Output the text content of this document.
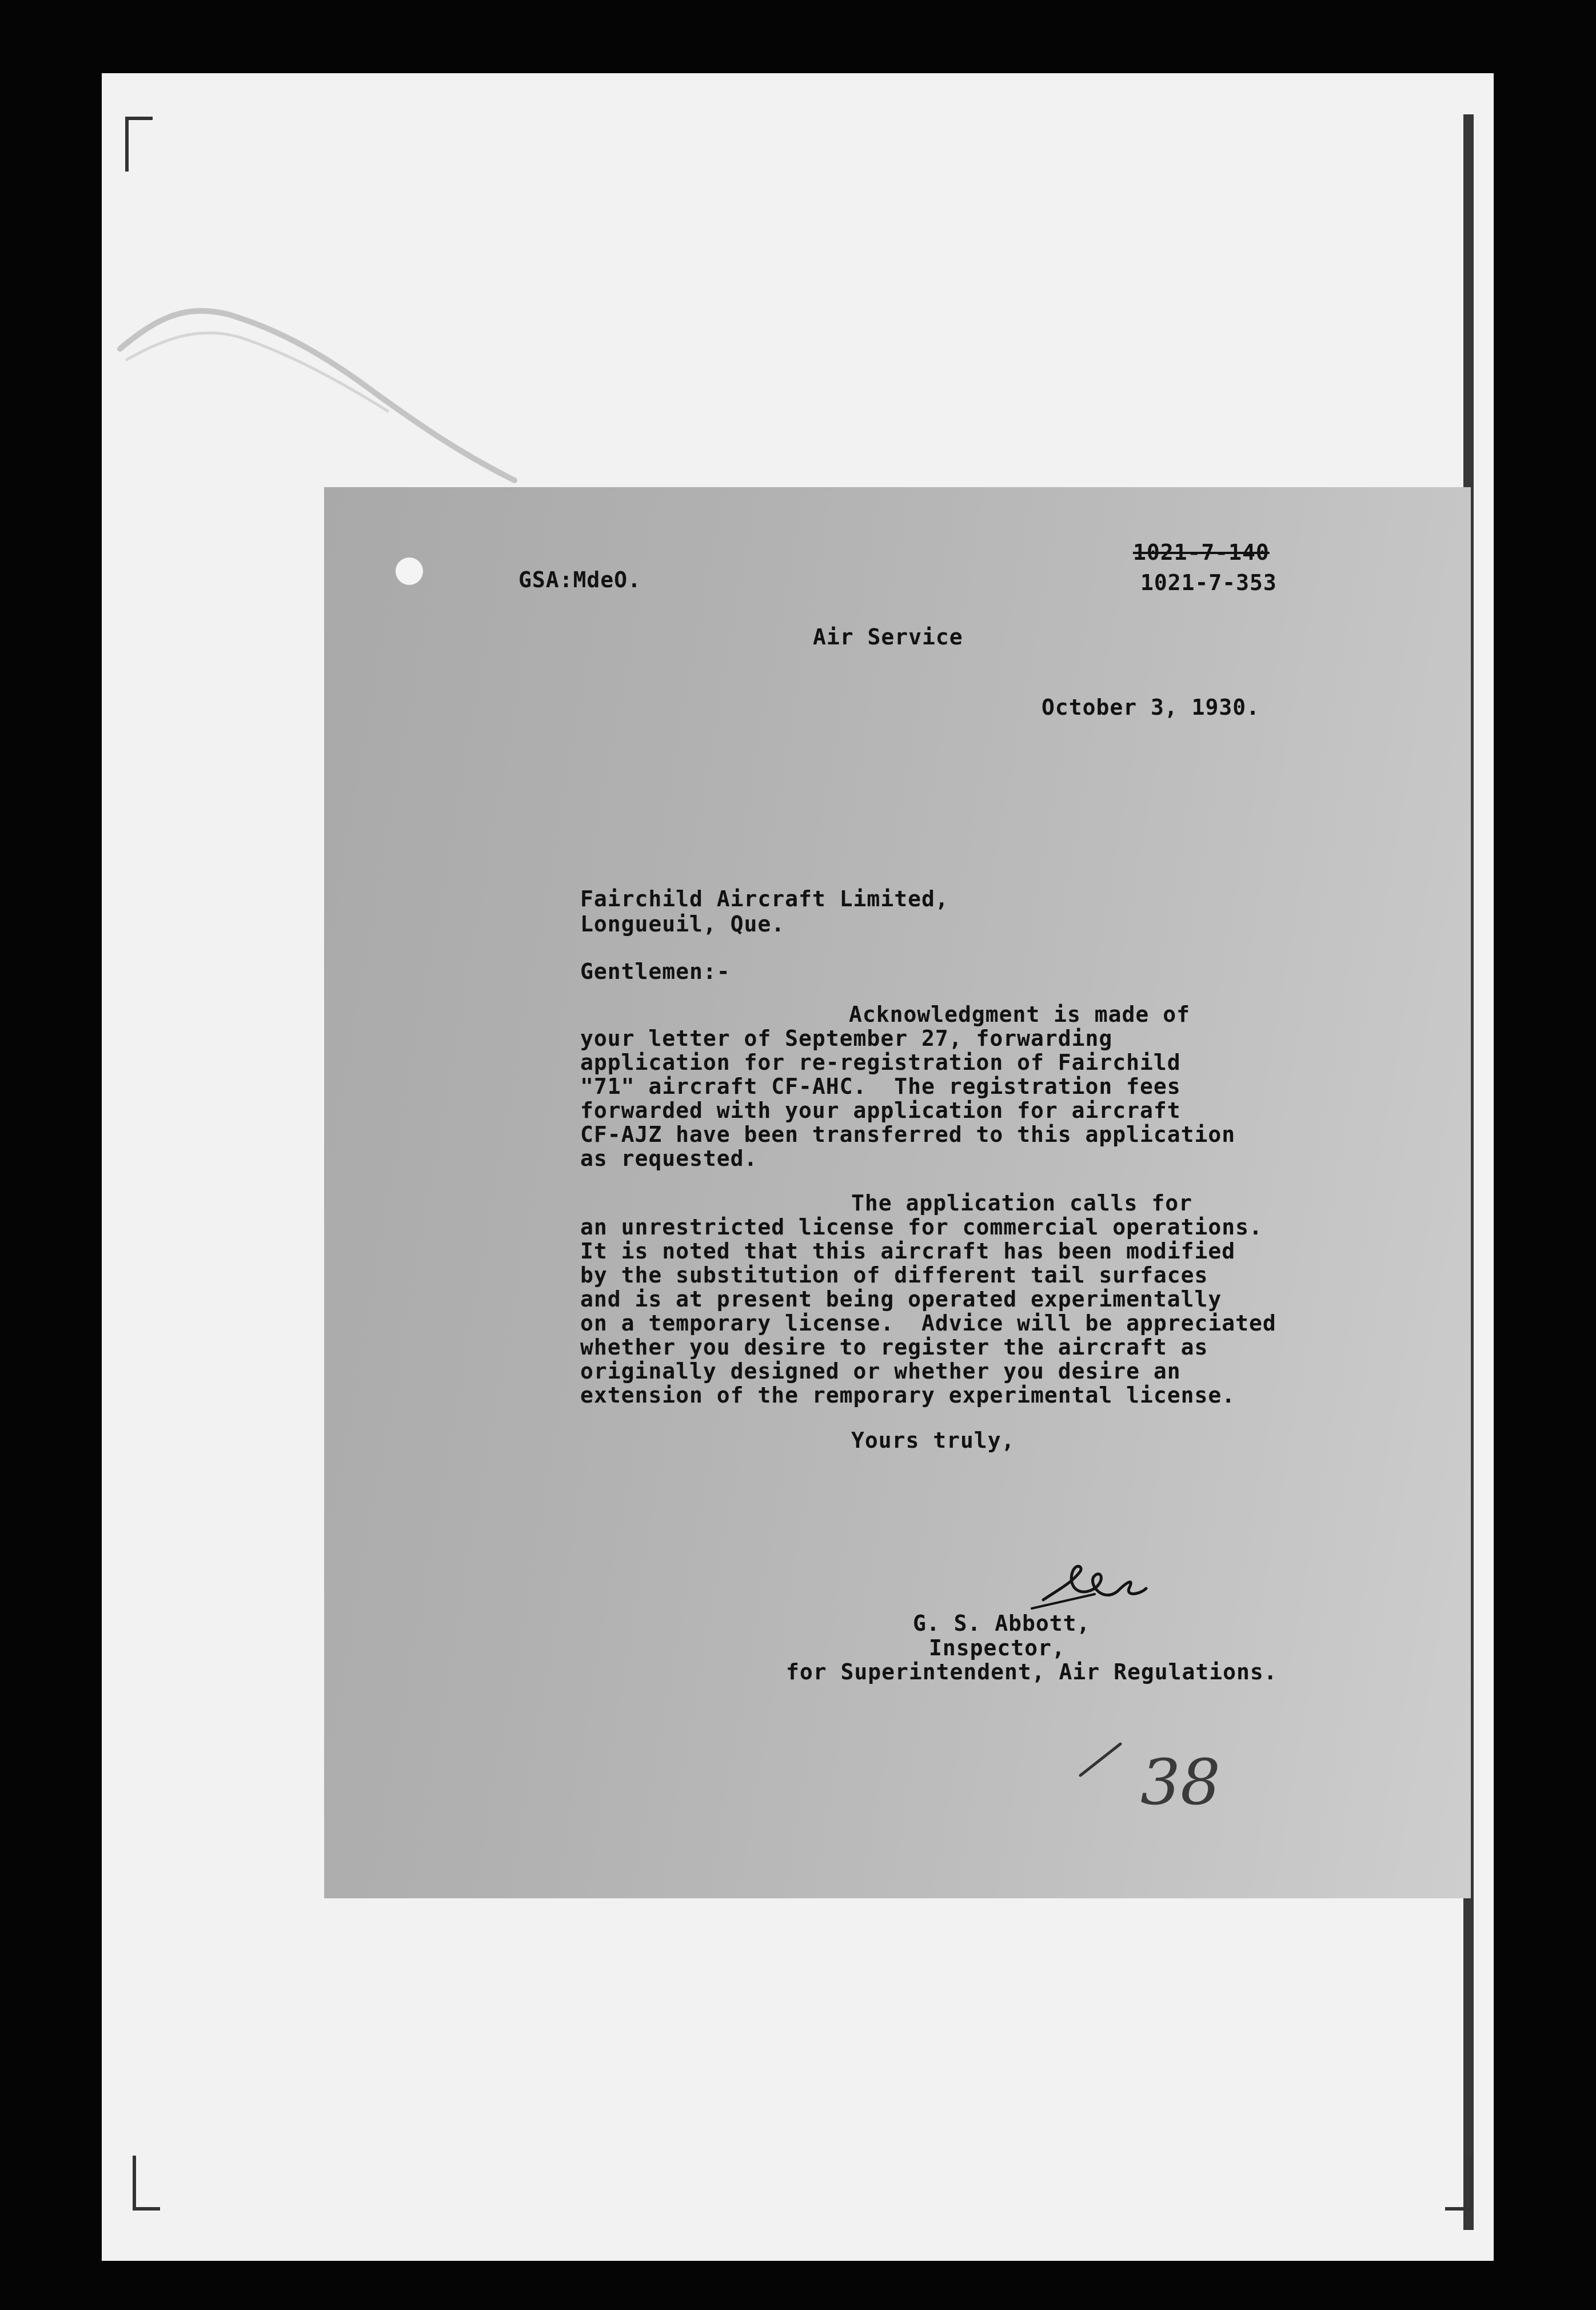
GSA:MdeO.

1021-7-140

1021-7-353

Air Service

October 3, 1930.

Fairchild Aircraft Limited,

Longueuil, Que.

Gentlemen:-

Acknowledgment is made of

your letter of September 27, forwarding

application for re-registration of Fairchild

"71" aircraft CF-AHC.  The registration fees

forwarded with your application for aircraft

CF-AJZ have been transferred to this application

as requested.

The application calls for

an unrestricted license for commercial operations.

It is noted that this aircraft has been modified

by the substitution of different tail surfaces

and is at present being operated experimentally

on a temporary license.  Advice will be appreciated

whether you desire to register the aircraft as

originally designed or whether you desire an

extension of the remporary experimental license.

Yours truly,

G. S. Abbott,

Inspector,

for Superintendent, Air Regulations.

38
